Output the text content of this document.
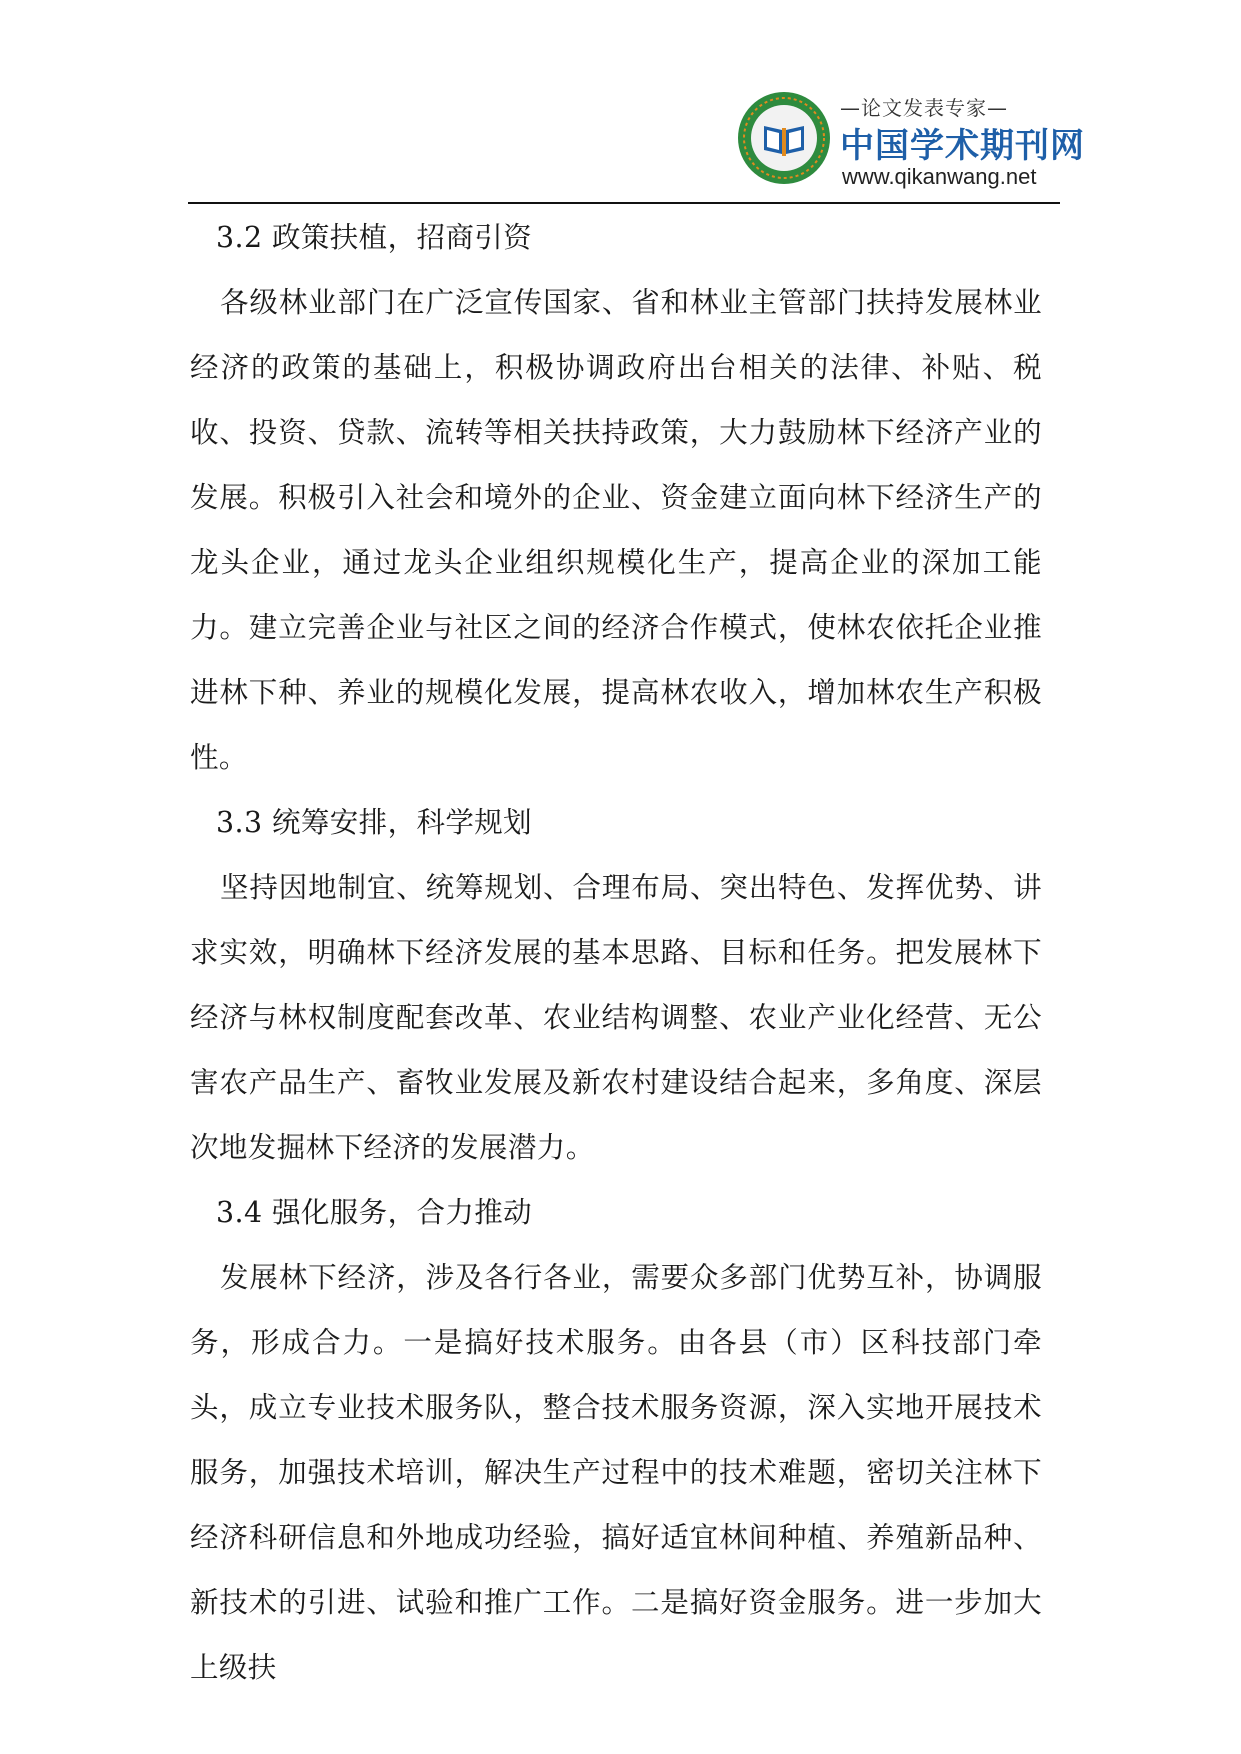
—论文发表专家—
中国学术期刊网
www.qikanwang.net

3.2 政策扶植，招商引资

各级林业部门在广泛宣传国家、省和林业主管部门扶持发展林业经济的政策的基础上，积极协调政府出台相关的法律、补贴、税收、投资、贷款、流转等相关扶持政策，大力鼓励林下经济产业的发展。积极引入社会和境外的企业、资金建立面向林下经济生产的龙头企业，通过龙头企业组织规模化生产，提高企业的深加工能力。建立完善企业与社区之间的经济合作模式，使林农依托企业推进林下种、养业的规模化发展，提高林农收入，增加林农生产积极性。

3.3 统筹安排，科学规划

坚持因地制宜、统筹规划、合理布局、突出特色、发挥优势、讲求实效，明确林下经济发展的基本思路、目标和任务。把发展林下经济与林权制度配套改革、农业结构调整、农业产业化经营、无公害农产品生产、畜牧业发展及新农村建设结合起来，多角度、深层次地发掘林下经济的发展潜力。

3.4 强化服务，合力推动

发展林下经济，涉及各行各业，需要众多部门优势互补，协调服务，形成合力。一是搞好技术服务。由各县（市）区科技部门牵头，成立专业技术服务队，整合技术服务资源，深入实地开展技术服务，加强技术培训，解决生产过程中的技术难题，密切关注林下经济科研信息和外地成功经验，搞好适宜林间种植、养殖新品种、新技术的引进、试验和推广工作。二是搞好资金服务。进一步加大上级扶
